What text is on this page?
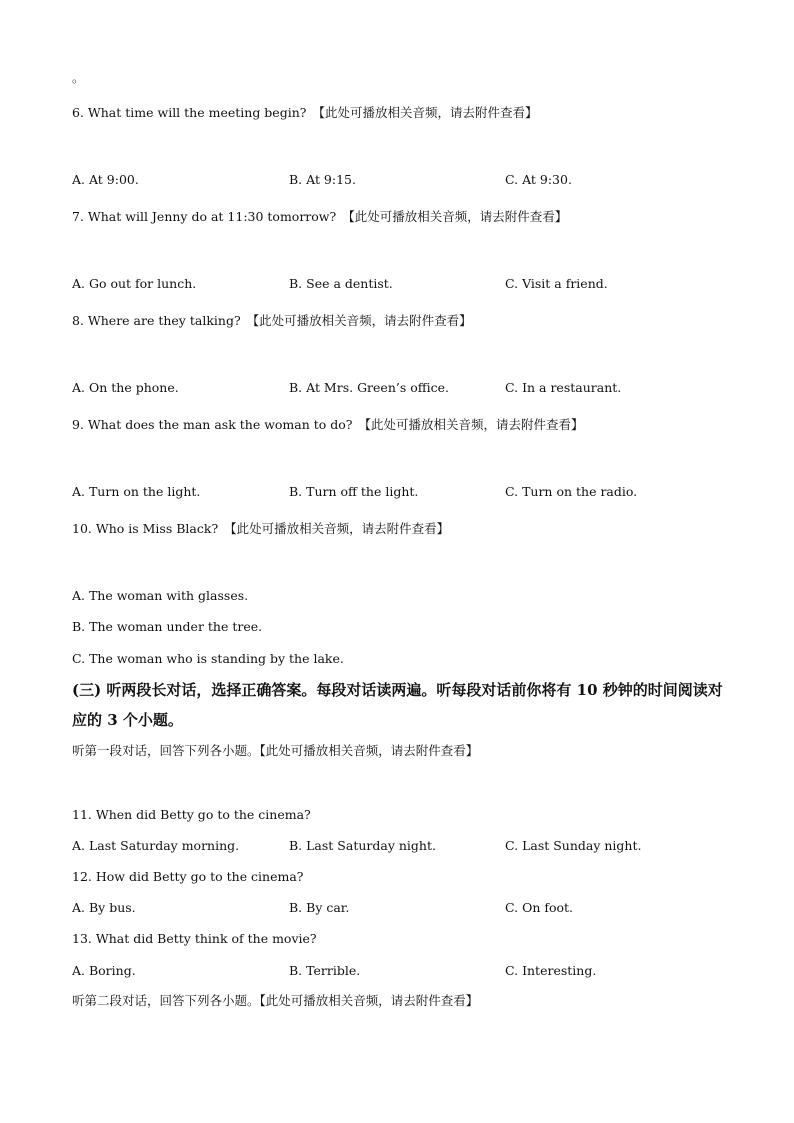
。
6. What time will the meeting begin? 【此处可播放相关音频，请去附件查看】
A. At 9:00.	B. At 9:15.	C. At 9:30.
7. What will Jenny do at 11:30 tomorrow? 【此处可播放相关音频，请去附件查看】
A. Go out for lunch.	B. See a dentist.	C. Visit a friend.
8. Where are they talking? 【此处可播放相关音频，请去附件查看】
A. On the phone.	B. At Mrs. Green’s office.	C. In a restaurant.
9. What does the man ask the woman to do? 【此处可播放相关音频，请去附件查看】
A. Turn on the light.	B. Turn off the light.	C. Turn on the radio.
10. Who is Miss Black? 【此处可播放相关音频，请去附件查看】
A. The woman with glasses.
B. The woman under the tree.
C. The woman who is standing by the lake.
(三) 听两段长对话，选择正确答案。每段对话读两遍。听每段对话前你将有 10 秒钟的时间阅读对应的 3 个小题。
听第一段对话，回答下列各小题。【此处可播放相关音频，请去附件查看】
11. When did Betty go to the cinema?
A. Last Saturday morning.	B. Last Saturday night.	C. Last Sunday night.
12. How did Betty go to the cinema?
A. By bus.	B. By car.	C. On foot.
13. What did Betty think of the movie?
A. Boring.	B. Terrible.	C. Interesting.
听第二段对话，回答下列各小题。【此处可播放相关音频，请去附件查看】
